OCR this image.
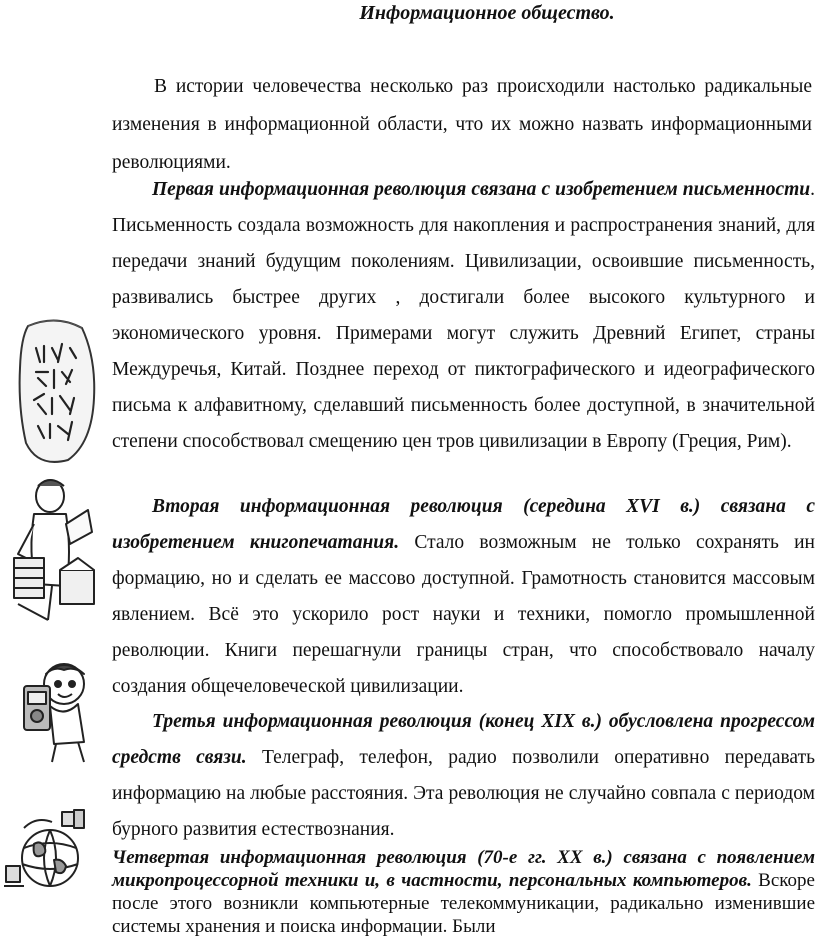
Информационное общество.

В истории человечества несколько раз происходили настолько радикальные изменения в информационной области, что их можно назвать информационными революциями.

Первая информационная революция связана с изобретением письменности. Письменность создала возможность для накопления и распространения знаний, для передачи знаний будущим поколениям. Цивилизации, освоившие письменность, развивались быстрее других , достигали более высокого культурного и экономического уровня. Примерами могут служить Древний Египет, страны Междуречья, Китай. Позднее переход от пиктографического и идеографического письма к алфавитному, сделавший письменность более доступной, в значительной степени способствовал смещению цен тров цивилизации в Европу (Греция, Рим).

Вторая информационная революция (середина XVI в.) связана с изобретением книгопечатания. Стало возможным не только сохранять ин формацию, но и сделать ее массово доступной. Грамотность становится массовым явлением. Всё это ускорило рост науки и техники, помогло промышленной революции. Книги перешагнули границы стран, что способствовало началу создания общечеловеческой цивилизации.

Третья информационная революция (конец XIX в.) обусловлена прогрессом средств связи. Телеграф, телефон, радио позволили оперативно передавать информацию на любые расстояния. Эта революция не случайно совпала с периодом бурного развития естествознания.

Четвертая информационная революция (70-е гг. XX в.) связана с появлением микропроцессорной техники и, в частности, персональных компьютеров. Вскоре после этого возникли компьютерные телекоммуникации, радикально изменившие системы хранения и поиска информации. Были
